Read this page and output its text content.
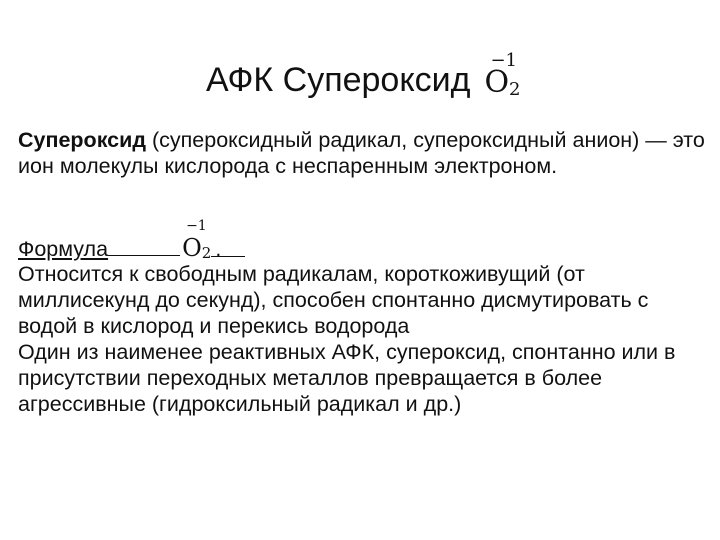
АФК Супероксид O2
−1

Супероксид (супероксидный радикал, супероксидный анион) — это ион молекулы кислорода с неспаренным электроном.

Формула	O2
−1
.

Относится к свободным радикалам, короткоживущий (от миллисекунд до секунд), способен спонтанно дисмутировать с водой в кислород и перекись водорода

Один из наименее реактивных АФК, супероксид, спонтанно или в присутствии переходных металлов превращается в более агрессивные (гидроксильный радикал и др.)
